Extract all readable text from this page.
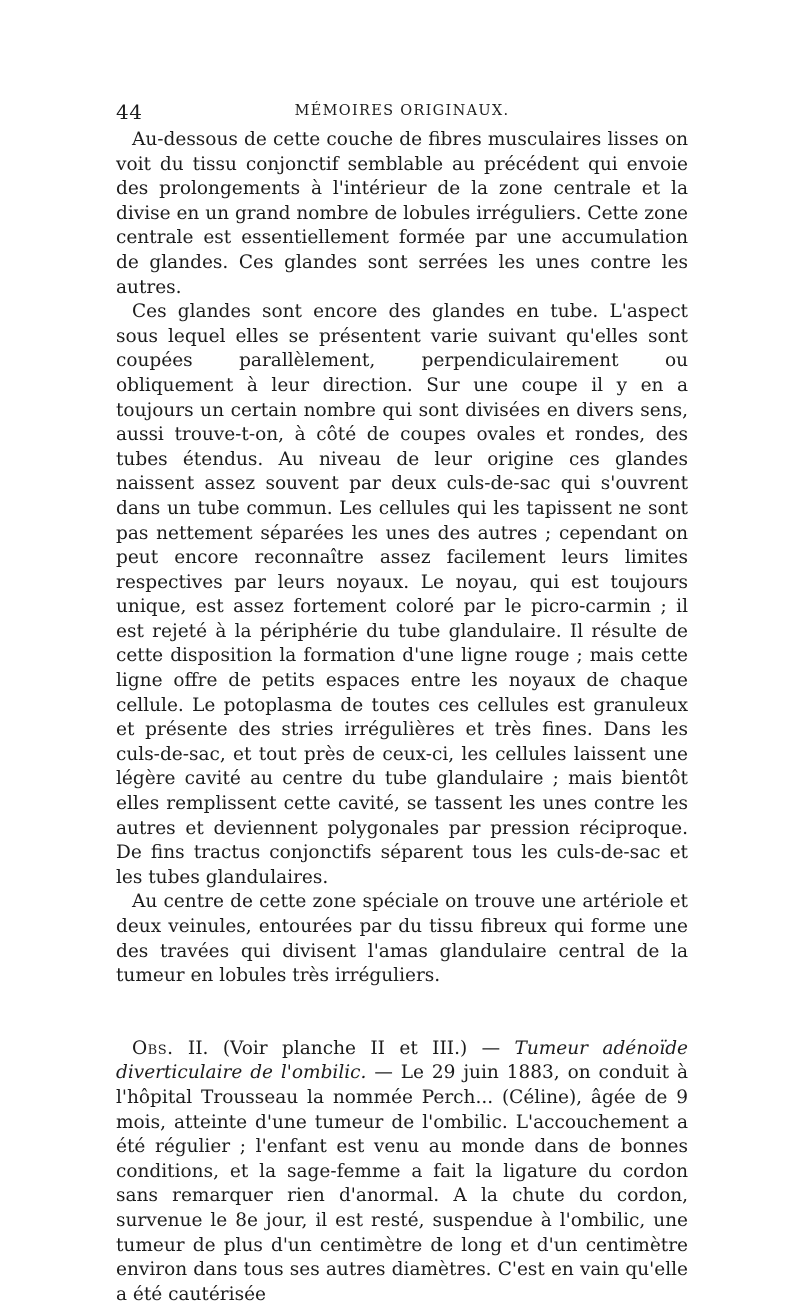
44	MÉMOIRES ORIGINAUX.

Au-dessous de cette couche de fibres musculaires lisses on voit du tissu conjonctif semblable au précédent qui envoie des prolongements à l'intérieur de la zone centrale et la divise en un grand nombre de lobules irréguliers. Cette zone centrale est essentiellement formée par une accumulation de glandes. Ces glandes sont serrées les unes contre les autres.

Ces glandes sont encore des glandes en tube. L'aspect sous lequel elles se présentent varie suivant qu'elles sont coupées parallèlement, perpendiculairement ou obliquement à leur direction. Sur une coupe il y en a toujours un certain nombre qui sont divisées en divers sens, aussi trouve-t-on, à côté de coupes ovales et rondes, des tubes étendus. Au niveau de leur origine ces glandes naissent assez souvent par deux culs-de-sac qui s'ouvrent dans un tube commun. Les cellules qui les tapissent ne sont pas nettement séparées les unes des autres ; cependant on peut encore reconnaître assez facilement leurs limites respectives par leurs noyaux. Le noyau, qui est toujours unique, est assez fortement coloré par le picro-carmin ; il est rejeté à la périphérie du tube glandulaire. Il résulte de cette disposition la formation d'une ligne rouge ; mais cette ligne offre de petits espaces entre les noyaux de chaque cellule. Le potoplasma de toutes ces cellules est granuleux et présente des stries irrégulières et très fines. Dans les culs-de-sac, et tout près de ceux-ci, les cellules laissent une légère cavité au centre du tube glandulaire ; mais bientôt elles remplissent cette cavité, se tassent les unes contre les autres et deviennent polygonales par pression réciproque. De fins tractus conjonctifs séparent tous les culs-de-sac et les tubes glandulaires.

Au centre de cette zone spéciale on trouve une artériole et deux veinules, entourées par du tissu fibreux qui forme une des travées qui divisent l'amas glandulaire central de la tumeur en lobules très irréguliers.

Obs. II. (Voir planche II et III.) — Tumeur adénoïde diverticulaire de l'ombilic. — Le 29 juin 1883, on conduit à l'hôpital Trousseau la nommée Perch... (Céline), âgée de 9 mois, atteinte d'une tumeur de l'ombilic. L'accouchement a été régulier ; l'enfant est venu au monde dans de bonnes conditions, et la sage-femme a fait la ligature du cordon sans remarquer rien d'anormal. A la chute du cordon, survenue le 8e jour, il est resté, suspendue à l'ombilic, une tumeur de plus d'un centimètre de long et d'un centimètre environ dans tous ses autres diamètres. C'est en vain qu'elle a été cautérisée
